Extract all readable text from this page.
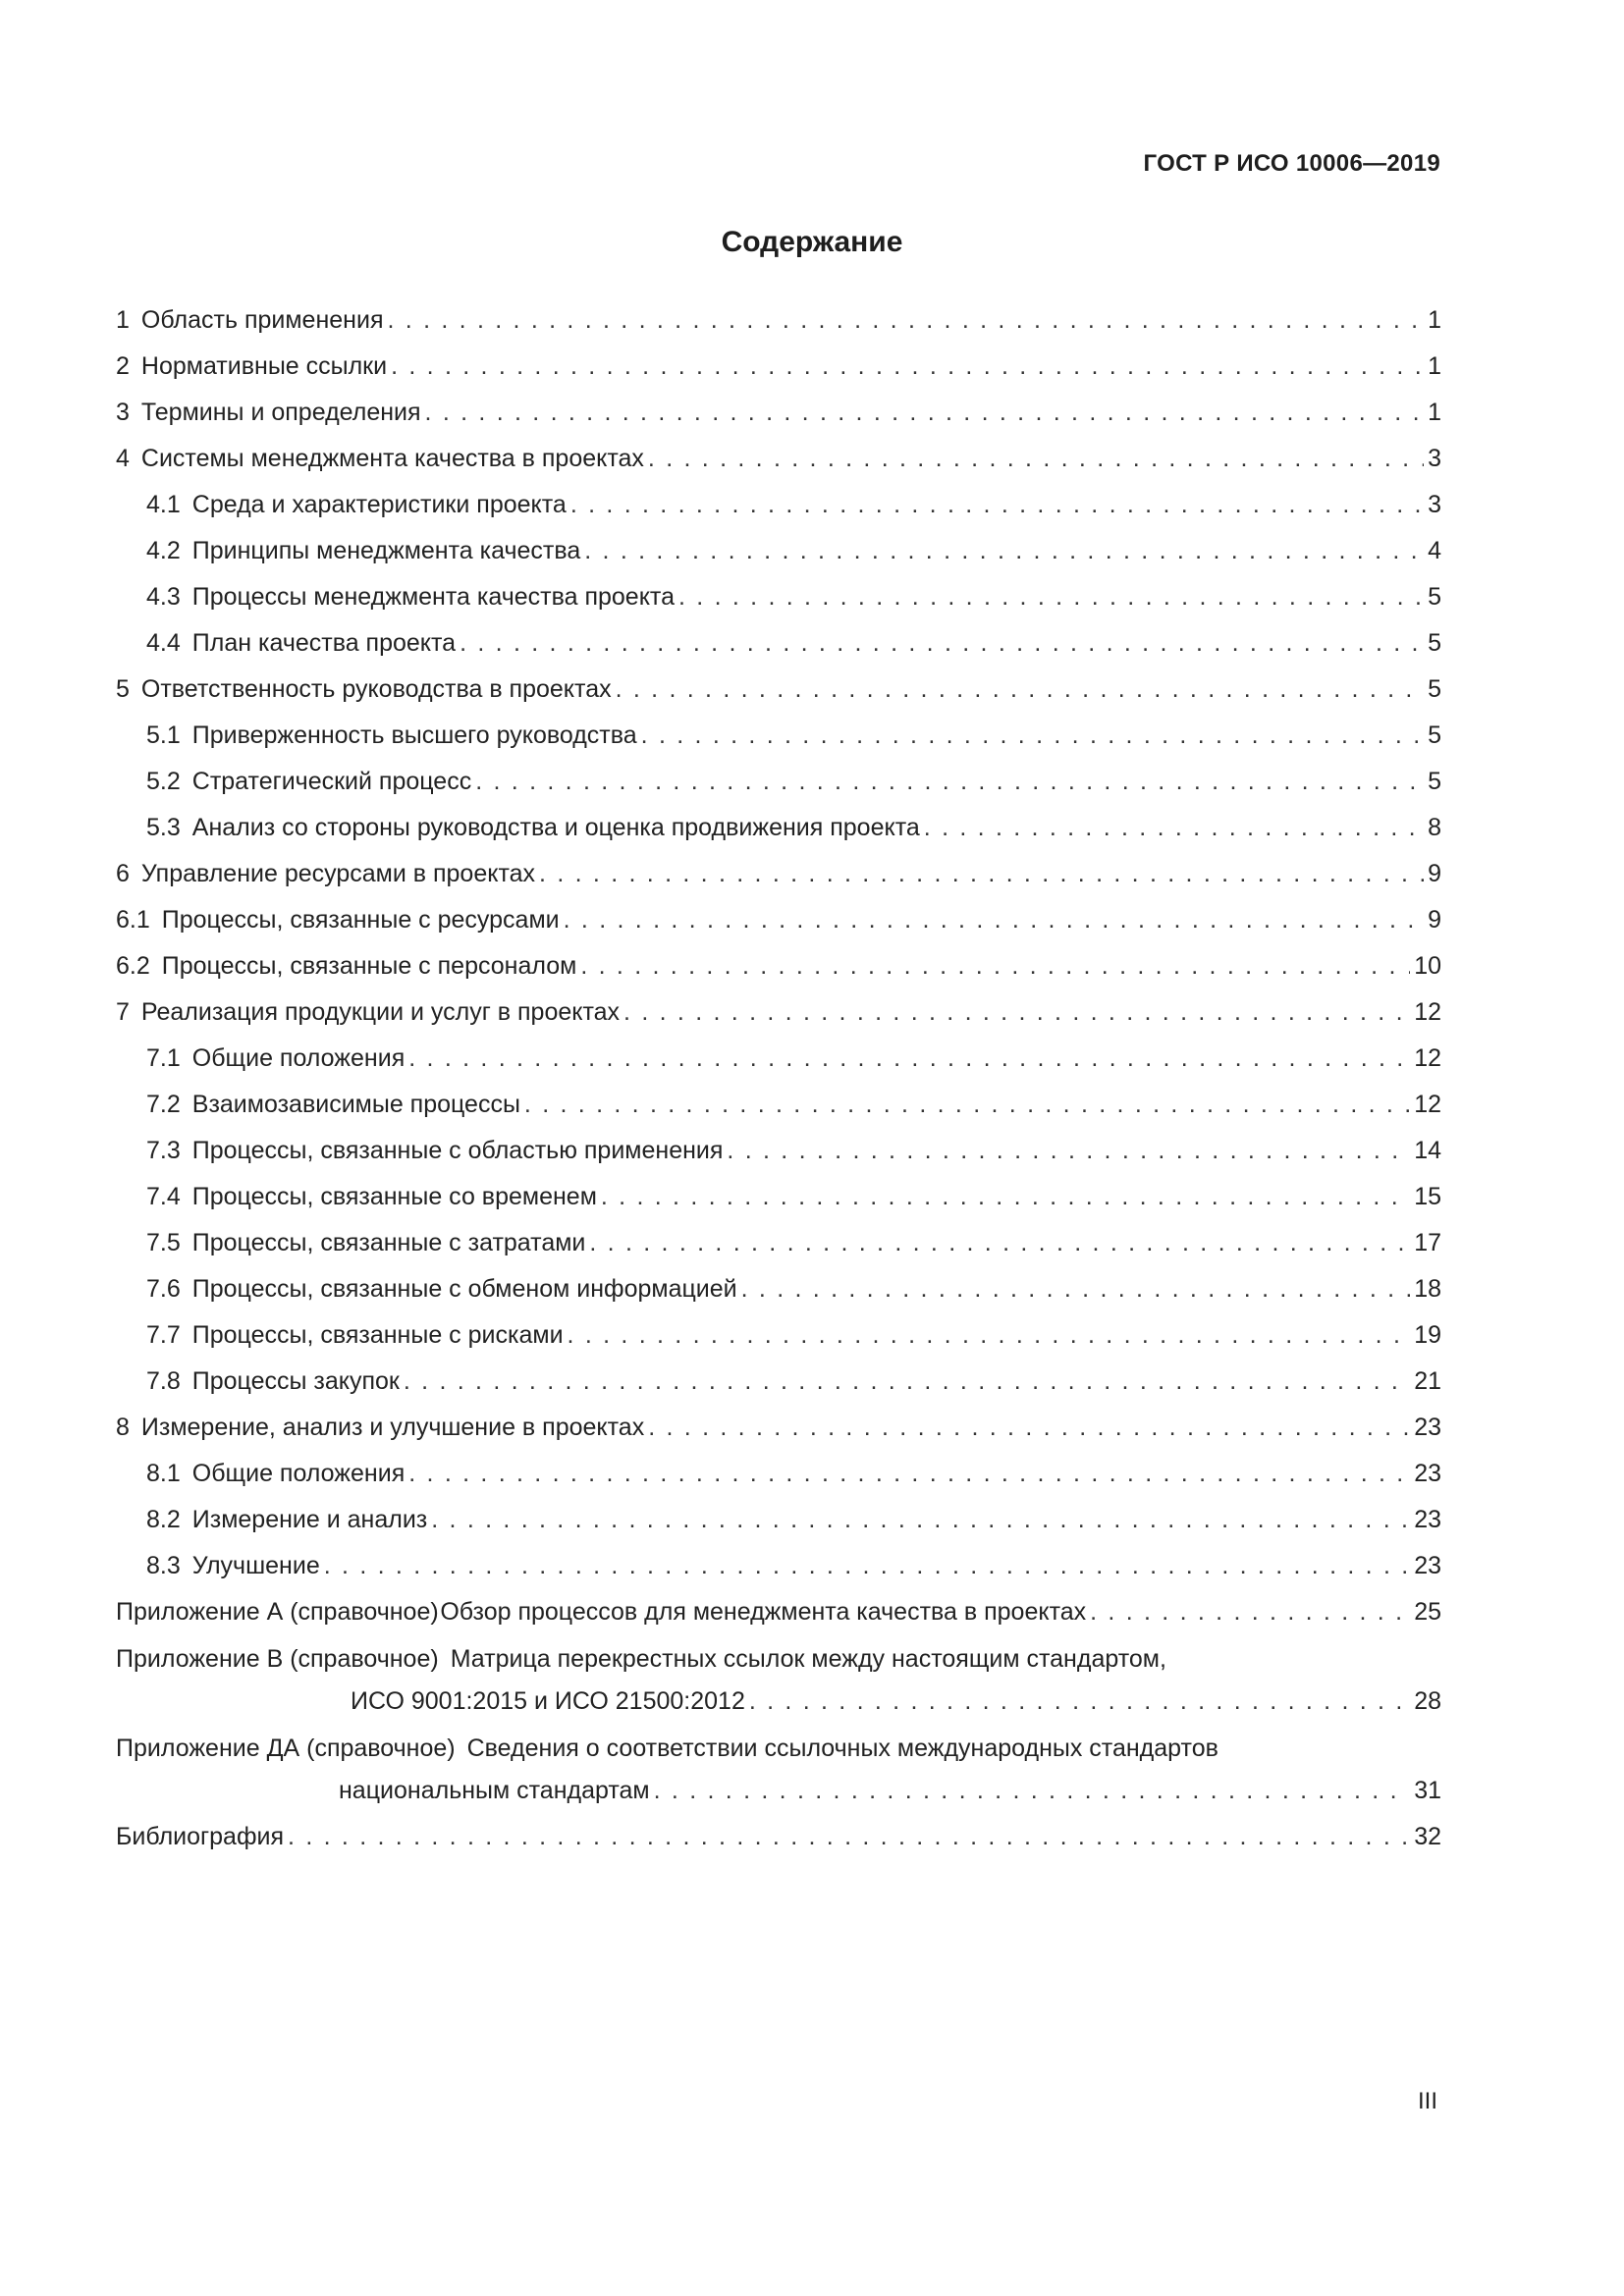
ГОСТ Р ИСО 10006—2019
Содержание
1 Область применения . . .	1
2 Нормативные ссылки . . .	1
3 Термины и определения . . .	1
4 Системы менеджмента качества в проектах . . .	3
4.1 Среда и характеристики проекта . . .	3
4.2 Принципы менеджмента качества . . .	4
4.3 Процессы менеджмента качества проекта . . .	5
4.4 План качества проекта . . .	5
5 Ответственность руководства в проектах . . .	5
5.1 Приверженность высшего руководства . . .	5
5.2 Стратегический процесс . . .	5
5.3 Анализ со стороны руководства и оценка продвижения проекта . . .	8
6 Управление ресурсами в проектах . . .	9
6.1 Процессы, связанные с ресурсами . . .	9
6.2 Процессы, связанные с персоналом . . .	10
7 Реализация продукции и услуг в проектах . . .	12
7.1 Общие положения . . .	12
7.2 Взаимозависимые процессы . . .	12
7.3 Процессы, связанные с областью применения . . .	14
7.4 Процессы, связанные со временем . . .	15
7.5 Процессы, связанные с затратами . . .	17
7.6 Процессы, связанные с обменом информацией . . .	18
7.7 Процессы, связанные с рисками . . .	19
7.8 Процессы закупок . . .	21
8 Измерение, анализ и улучшение в проектах . . .	23
8.1 Общие положения . . .	23
8.2 Измерение и анализ . . .	23
8.3 Улучшение . . .	23
Приложение А (справочное) Обзор процессов для менеджмента качества в проектах . . .	25
Приложение В (справочное) Матрица перекрестных ссылок между настоящим стандартом,
ИСО 9001:2015 и ИСО 21500:2012 . . .	28
Приложение ДА (справочное) Сведения о соответствии ссылочных международных стандартов
национальным стандартам . . .	31
Библиография . . .	32
III
